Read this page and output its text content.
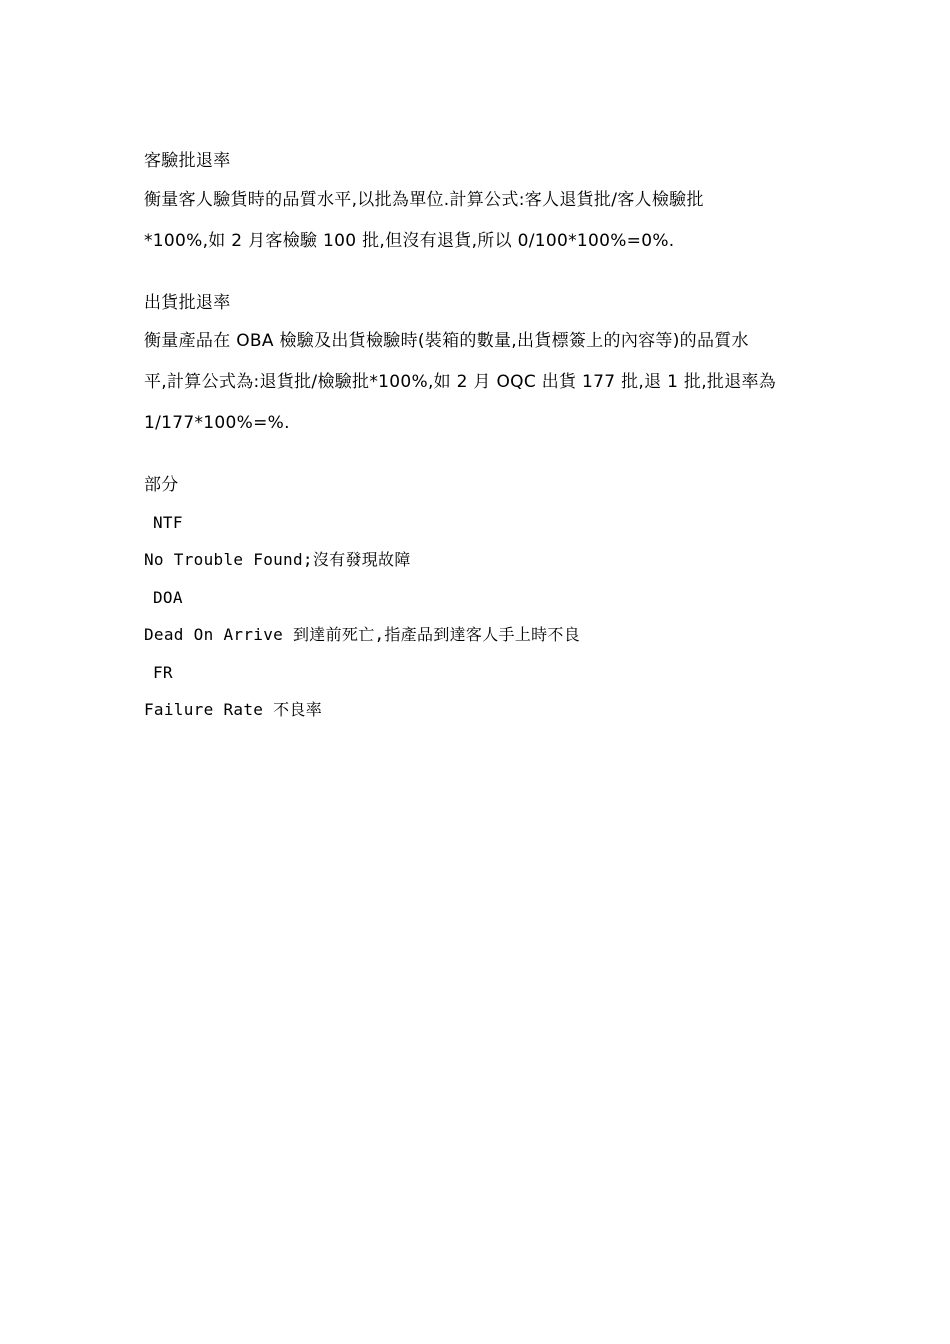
客驗批退率
衡量客人驗貨時的品質水平,以批為單位.計算公式:客人退貨批/客人檢驗批
*100%,如 2 月客檢驗 100 批,但沒有退貨,所以 0/100*100%=0%.
出貨批退率
衡量產品在 OBA 檢驗及出貨檢驗時(裝箱的數量,出貨標簽上的內容等)的品質水
平,計算公式為:退貨批/檢驗批*100%,如 2 月 OQC 出貨 177 批,退 1 批,批退率為
1/177*100%=%.
部分
NTF
No Trouble Found;沒有發現故障
DOA
Dead On Arrive 到達前死亡,指產品到達客人手上時不良
FR
Failure Rate 不良率
